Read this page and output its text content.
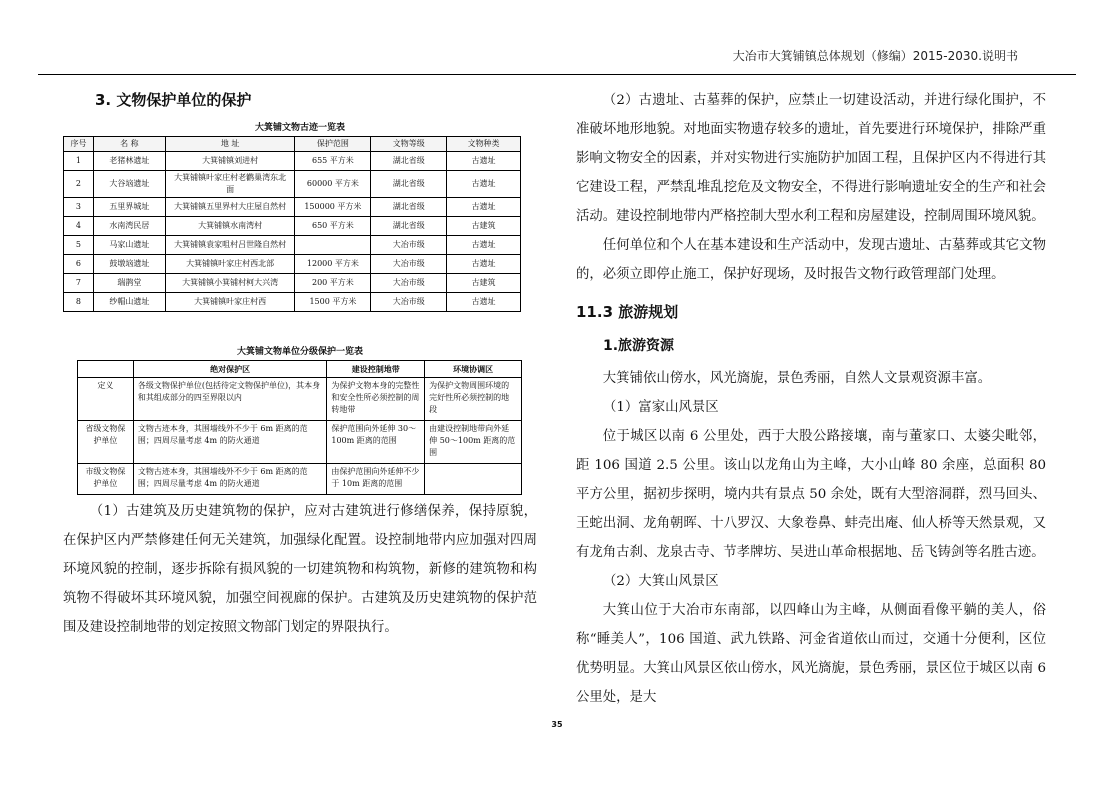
大冶市大箕铺镇总体规划（修编）2015-2030.说明书
3. 文物保护单位的保护
大箕铺文物古迹一览表
序号	名 称	地 址	保护范围	文物等级	文物种类
1	老猪林遗址	大箕铺镇刘进村	655 平方米	湖北省级	古遗址
2	大谷垴遗址	大箕铺镇叶家庄村老鹳巢湾东北面	60000 平方米	湖北省级	古遗址
3	五里界城址	大箕铺镇五里界村大庄屋自然村	150000 平方米	湖北省级	古遗址
4	水南湾民居	大箕铺镇水南湾村	650 平方米	湖北省级	古建筑
5	马家山遗址	大箕铺镇袁家咀村吕世隆自然村		大冶市级	古遗址
6	鼓墩垴遗址	大箕铺镇叶家庄村西北部	12000 平方米	大冶市级	古遗址
7	瑞鹊堂	大箕铺镇小箕铺村柯大兴湾	200 平方米	大冶市级	古建筑
8	纱帽山遗址	大箕铺镇叶家庄村西	1500 平方米	大冶市级	古遗址
大箕铺文物单位分级保护一览表
	绝对保护区	建设控制地带	环境协调区
定义	各级文物保护单位(包括待定文物保护单位)，其本身和其组成部分的四至界限以内	为保护文物本身的完整性和安全性所必须控制的周转地带	为保护文物周围环境的完好性所必须控制的地段
省级文物保护单位	文物古迹本身，其围墙线外不少于 6m 距离的范围；四周尽量考虑 4m 的防火通道	保护范围向外延伸 30～100m 距离的范围	由建设控制地带向外延伸 50～100m 距离的范围
市级文物保护单位	文物古迹本身，其围墙线外不少于 6m 距离的范围；四周尽量考虑 4m 的防火通道	由保护范围向外延伸不少于 10m 距离的范围	

（1）古建筑及历史建筑物的保护，应对古建筑进行修缮保养，保持原貌，在保护区内严禁修建任何无关建筑，加强绿化配置。设控制地带内应加强对四周环境风貌的控制，逐步拆除有损风貌的一切建筑物和构筑物，新修的建筑物和构筑物不得破坏其环境风貌，加强空间视廊的保护。古建筑及历史建筑物的保护范围及建设控制地带的划定按照文物部门划定的界限执行。

（2）古遗址、古墓葬的保护，应禁止一切建设活动，并进行绿化围护，不准破坏地形地貌。对地面实物遗存较多的遗址，首先要进行环境保护，排除严重影响文物安全的因素，并对实物进行实施防护加固工程，且保护区内不得进行其它建设工程，严禁乱堆乱挖危及文物安全，不得进行影响遗址安全的生产和社会活动。建设控制地带内严格控制大型水利工程和房屋建设，控制周围环境风貌。

任何单位和个人在基本建设和生产活动中，发现古遗址、古墓葬或其它文物的，必须立即停止施工，保护好现场，及时报告文物行政管理部门处理。

11.3 旅游规划
1.旅游资源

大箕铺依山傍水，风光旖旎，景色秀丽，自然人文景观资源丰富。

（1）富家山风景区

位于城区以南 6 公里处，西于大股公路接壤，南与董家口、太婆尖毗邻，距 106 国道 2.5 公里。该山以龙角山为主峰，大小山峰 80 余座，总面积 80 平方公里，据初步探明，境内共有景点 50 余处，既有大型溶洞群，烈马回头、王蛇出洞、龙角朝晖、十八罗汉、大象卷鼻、蚌壳出庵、仙人桥等天然景观，又有龙角古刹、龙泉古寺、节孝牌坊、吴进山革命根据地、岳飞铸剑等名胜古迹。

（2）大箕山风景区

大箕山位于大冶市东南部，以四峰山为主峰，从侧面看像平躺的美人，俗称“睡美人”，106 国道、武九铁路、河金省道依山而过，交通十分便利，区位优势明显。大箕山风景区依山傍水，风光旖旎，景色秀丽，景区位于城区以南 6 公里处，是大

35
